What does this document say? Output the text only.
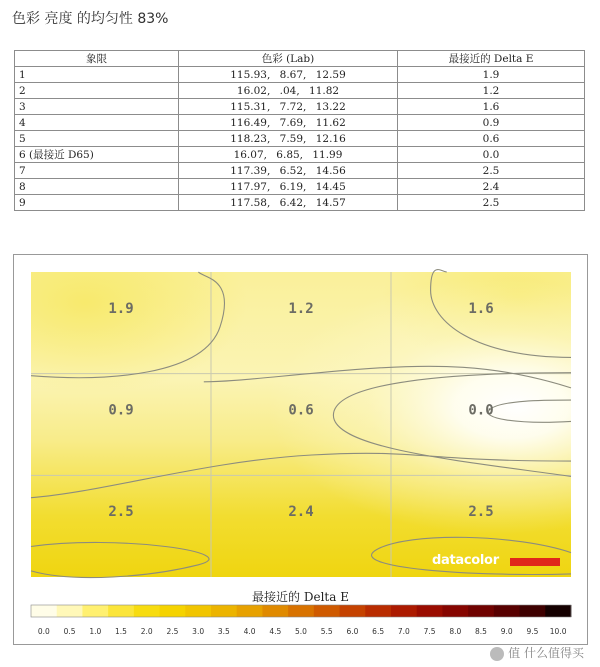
色彩 亮度 的均匀性 83%
象限	色彩 (Lab)	最接近的 Delta E
1	115.93, 8.67, 12.59	1.9
2	16.02, .04, 11.82	1.2
3	115.31, 7.72, 13.22	1.6
4	116.49, 7.69, 11.62	0.9
5	118.23, 7.59, 12.16	0.6
6 (最接近 D65)	16.07, 6.85, 11.99	0.0
7	117.39, 6.52, 14.56	2.5
8	117.97, 6.19, 14.45	2.4
9	117.58, 6.42, 14.57	2.5
1.9	1.2	1.6
0.9	0.6	0.0
2.5	2.4	2.5
datacolor
最接近的 Delta E
0.0 0.5 1.0 1.5 2.0 2.5 3.0 3.5 4.0 4.5 5.0 5.5 6.0 6.5 7.0 7.5 8.0 8.5 9.0 9.5 10.0
值 什么值得买
